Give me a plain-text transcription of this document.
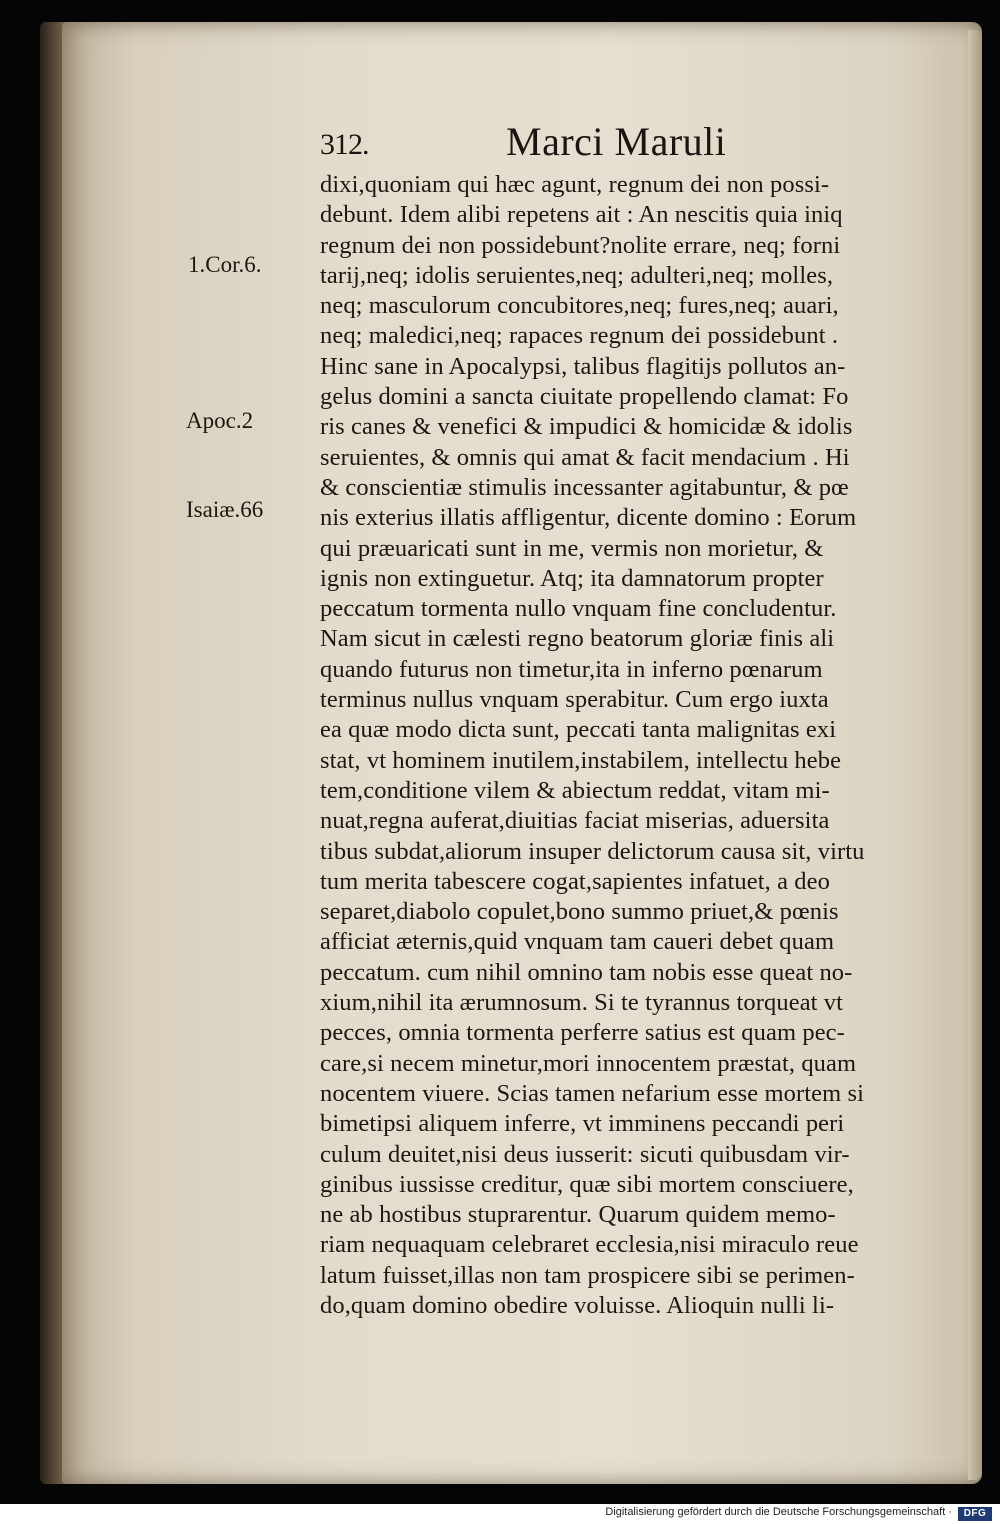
312.	Marci Maruli
1.Cor.6.
Apoc.2
Isaiæ.66
dixi,quoniam qui hæc agunt, regnum dei non possi-
debunt. Idem alibi repetens ait : An nescitis quia iniq
regnum dei non possidebunt?nolite errare, neq; forni
tarij,neq; idolis seruientes,neq; adulteri,neq; molles,
neq; masculorum concubitores,neq; fures,neq; auari,
neq; maledici,neq; rapaces regnum dei possidebunt .
Hinc sane in Apocalypsi, talibus flagitijs pollutos an-
gelus domini a sancta ciuitate propellendo clamat: Fo
ris canes & venefici & impudici & homicidæ & idolis
seruientes, & omnis qui amat & facit mendacium . Hi
& conscientiæ stimulis incessanter agitabuntur, & pœ
nis exterius illatis affligentur, dicente domino : Eorum
qui præuaricati sunt in me, vermis non morietur, &
ignis non extinguetur. Atq; ita damnatorum propter
peccatum tormenta nullo vnquam fine concludentur.
Nam sicut in cælesti regno beatorum gloriæ finis ali
quando futurus non timetur,ita in inferno pœnarum
terminus nullus vnquam sperabitur. Cum ergo iuxta
ea quæ modo dicta sunt, peccati tanta malignitas exi
stat, vt hominem inutilem,instabilem, intellectu hebe
tem,conditione vilem & abiectum reddat, vitam mi-
nuat,regna auferat,diuitias faciat miserias, aduersita
tibus subdat,aliorum insuper delictorum causa sit, virtu
tum merita tabescere cogat,sapientes infatuet, a deo
separet,diabolo copulet,bono summo priuet,& pœnis
afficiat æternis,quid vnquam tam caueri debet quam
peccatum. cum nihil omnino tam nobis esse queat no-
xium,nihil ita ærumnosum. Si te tyrannus torqueat vt
pecces, omnia tormenta perferre satius est quam pec-
care,si necem minetur,mori innocentem præstat, quam
nocentem viuere. Scias tamen nefarium esse mortem si
bimetipsi aliquem inferre, vt imminens peccandi peri
culum deuitet,nisi deus iusserit: sicuti quibusdam vir-
ginibus iussisse creditur, quæ sibi mortem consciuere,
ne ab hostibus stuprarentur. Quarum quidem memo-
riam nequaquam celebraret ecclesia,nisi miraculo reue
latum fuisset,illas non tam prospicere sibi se perimen-
do,quam domino obedire voluisse. Alioquin nulli li-
Digitalisierung gefördert durch die Deutsche Forschungsgemeinschaft ·	DFG
